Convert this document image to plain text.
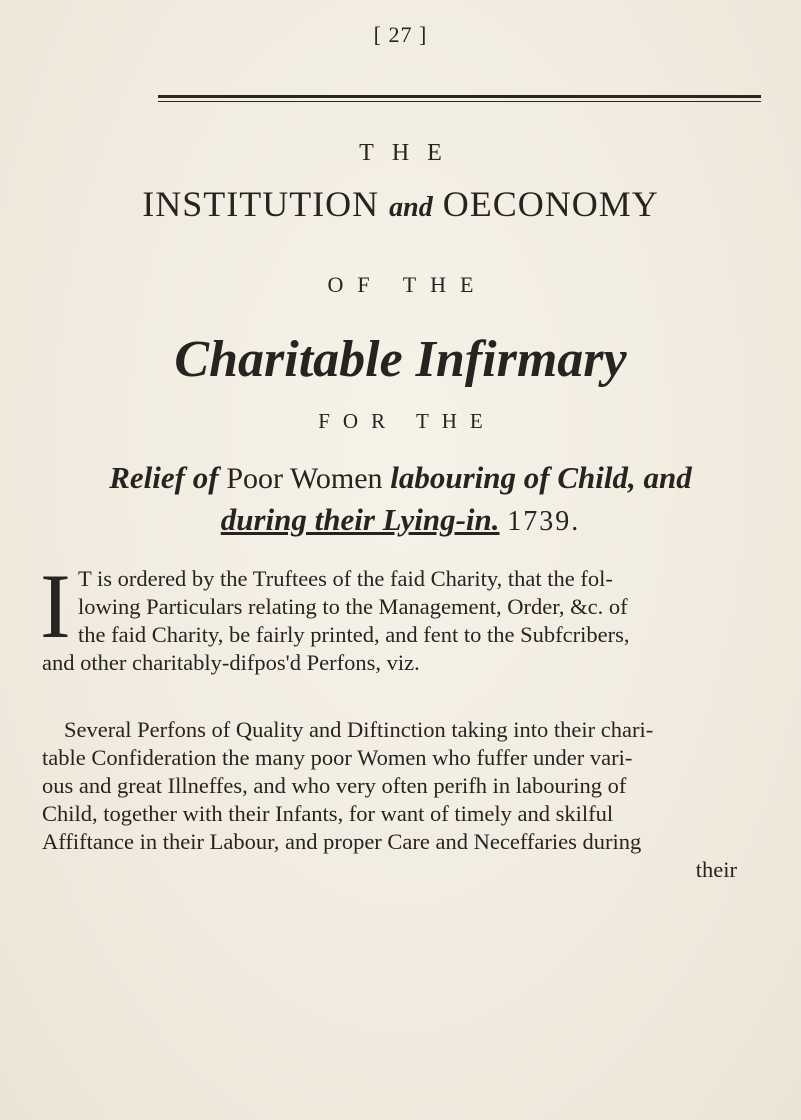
[ 27 ]
THE
INSTITUTION and OECONOMY
OF THE
Charitable Infirmary
FOR THE
Relief of Poor Women labouring of Child, and
during their Lying-in. 1739.
I T is ordered by the Truftees of the faid Charity, that the fol-
lowing Particulars relating to the Management, Order, &c. of
the faid Charity, be fairly printed, and fent to the Subfcribers,
and other charitably-difpos'd Perfons, viz.
Several Perfons of Quality and Diftinction taking into their chari-
table Confideration the many poor Women who fuffer under vari-
ous and great Illneffes, and who very often perifh in labouring of
Child, together with their Infants, for want of timely and skilful
Affiftance in their Labour, and proper Care and Neceffaries during
their
